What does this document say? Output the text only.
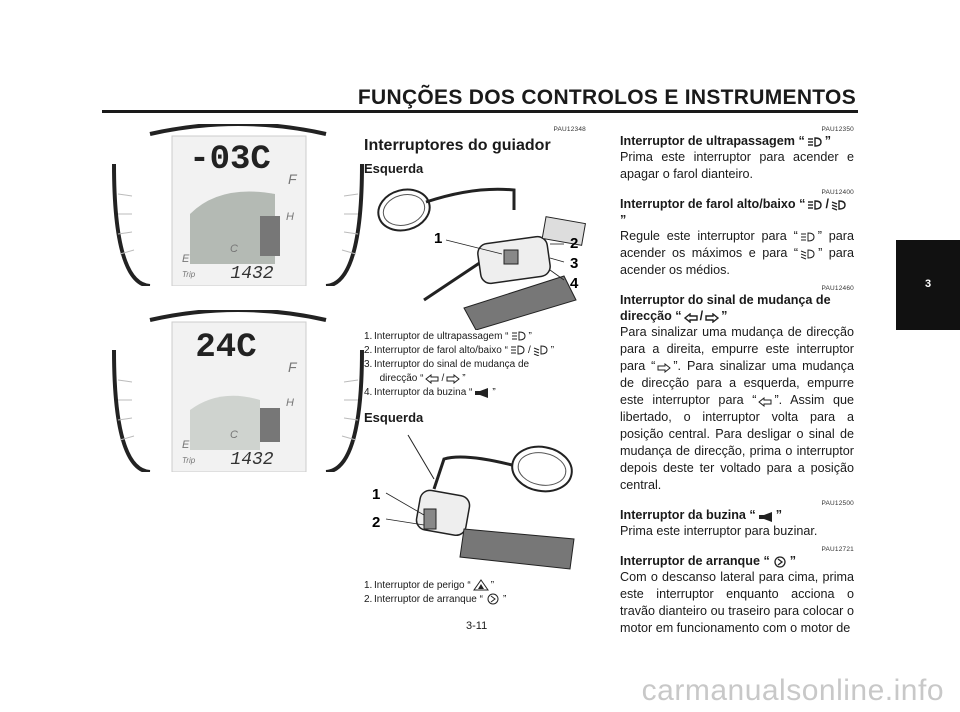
FUNÇÕES DOS CONTROLOS E INSTRUMENTOS
3
-03C F
H
C
E
Trip 1432
24C F
H
C
E
Trip 1432
PAU12348
Interruptores do guiador
Esquerda
1	2
3
4
1. Interruptor de ultrapassagem “ ”
2. Interruptor de farol alto/baixo “ / ”
3. Interruptor do sinal de mudança de
direcção “ / ”
4. Interruptor da buzina “ ”
Esquerda
1
2
1. Interruptor de perigo “ ”
2. Interruptor de arranque “ ”
PAU12350
Interruptor de ultrapassagem “ ”
Prima este interruptor para acender e apagar o farol dianteiro.
PAU12400
Interruptor de farol alto/baixo “ /”
Regule este interruptor para “ ” para acender os máximos e para “ ” para acender os médios.
PAU12460
Interruptor do sinal de mudança de
direcção “ / ”
Para sinalizar uma mudança de direcção para a direita, empurre este interruptor para “ ”. Para sinalizar uma mudança de direcção para a esquerda, empurre este interruptor para “ ”. Assim que libertado, o interruptor volta para a posição central. Para desligar o sinal de mudança de direcção, prima o interruptor depois deste ter voltado para a posição central.
PAU12500
Interruptor da buzina “ ”
Prima este interruptor para buzinar.
PAU12721
Interruptor de arranque “ ”
Com o descanso lateral para cima, prima este interruptor enquanto acciona o travão dianteiro ou traseiro para colocar o motor em funcionamento com o motor de
3-11
carmanualsonline.info
